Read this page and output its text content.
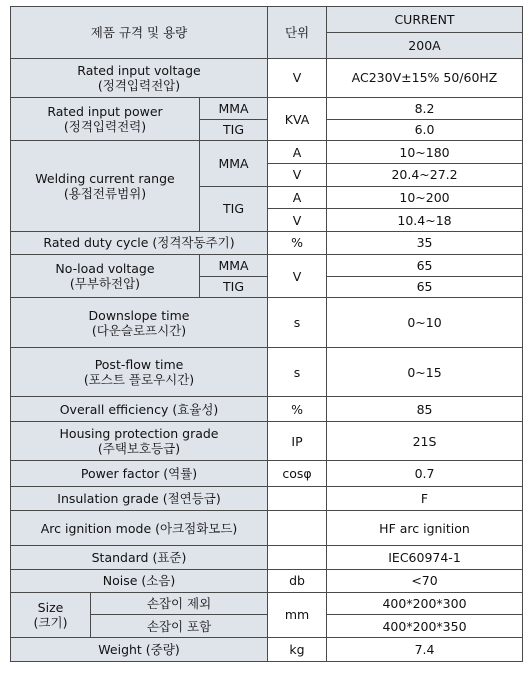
제품 규격 및 용량			단위	CURRENT
				200A

Rated input voltage
(정격입력전압)			V	AC230V±15% 50/60HZ

Rated input power
(정격입력전력)		MMA	KVA	8.2
		TIG		6.0

Welding current range
(용접전류범위)		MMA	A	10~180
			V	20.4~27.2
		TIG	A	10~200
			V	10.4~18
Rated duty cycle (정격작동주기)			%	35

No-load voltage
(무부하전압)		MMA	V	65
		TIG		65

Downslope time
(다운슬로프시간)			s	0~10

Post-flow time
(포스트 플로우시간)			s	0~15
Overall efficiency (효율성)			%	85

Housing protection grade
(주택보호등급)			IP	21S
Power factor (역률)			cosφ	0.7
Insulation grade (절연등급)				F
Arc ignition mode (아크점화모드)				HF arc ignition
Standard (표준)				IEC60974-1
Noise (소음)			db	<70

Size
(크기)	손잡이 제외		mm	400*200*300
	손잡이 포함			400*200*350
Weight (중량)			kg	7.4
